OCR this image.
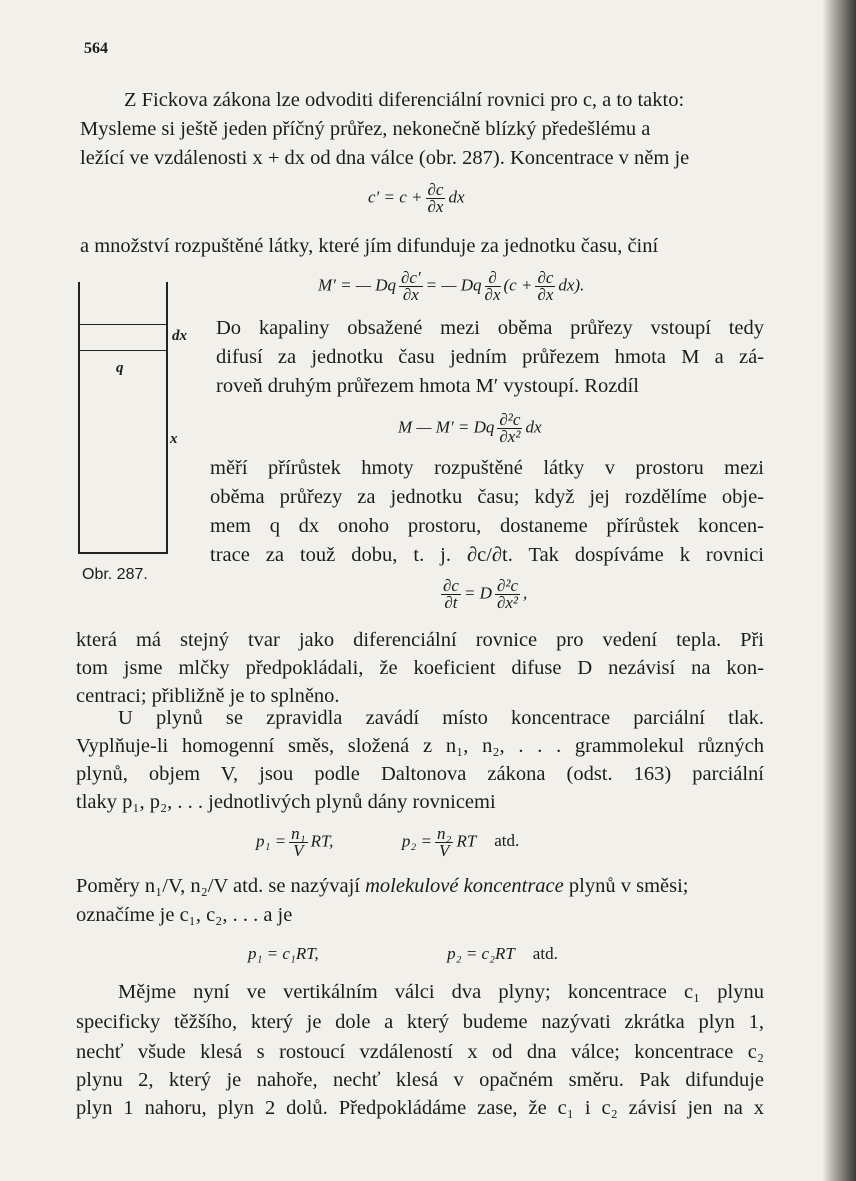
564
Z Fickova zákona lze odvoditi diferenciální rovnici pro c, a to takto:
Mysleme si ještě jeden příčný průřez, nekonečně blízký předešlému a
ležící ve vzdálenosti x + dx od dna válce (obr. 287). Koncentrace v něm je
$c' = c + \frac{\partial c}{\partial x}$ dx
a množství rozpuštěné látky, které jím difunduje za jednotku času, činí
M′ = — Dq $\frac{\partial c'}{\partial x}$ = — Dq $\frac{\partial}{\partial x} (c + \frac{\partial c}{\partial x} dx)$.
q
dx
x
Obr. 287.
Do kapaliny obsažené mezi oběma průřezy vstoupí tedy
difusí za jednotku času jedním průřezem hmota M a zá-
roveň druhým průřezem hmota M′ vystoupí. Rozdíl
M — M′ = Dq $\frac{\text{∂²c}}{\text{∂x²}}$ dx
měří přírůstek hmoty rozpuštěné látky v prostoru mezi
oběma průřezy za jednotku času; když jej rozdělíme obje-
mem q dx onoho prostoru, dostaneme přírůstek koncen-
trace za touž dobu, t. j. ∂c/∂t. Tak dospíváme k rovnici
$\frac{\partial c}{\partial t} = D \frac{\text{∂²c}}{\text{∂x²}}$ ,
která má stejný tvar jako diferenciální rovnice pro vedení tepla. Při
tom jsme mlčky předpokládali, že koeficient difuse D nezávisí na kon-
centraci; přibližně je to splněno.
U plynů se zpravidla zavádí místo koncentrace parciální tlak.
Vyplňuje-li homogenní směs, složená z n₁, n₂, . . . grammolekul různých
plynů, objem V, jsou podle Daltonova zákona (odst. 163) parciální
tlaky p₁, p₂, . . . jednotlivých plynů dány rovnicemi
$p_1 = \frac{\text{n₁}}{V}$ RT,	$p_2 = \frac{\text{n₂}}{V}$ RT atd.
Poměry n₁/V, n₂/V atd. se nazývají molekulové koncentrace plynů v směsi;
označíme je c₁, c₂, . . . a je
p₁ = c₁RT,	p₂ = c₂RT atd.
Mějme nyní ve vertikálním válci dva plyny; koncentrace c₁ plynu
specificky těžšího, který je dole a který budeme nazývati zkrátka plyn 1,
nechť všude klesá s rostoucí vzdáleností x od dna válce; koncentrace c₂
plynu 2, který je nahoře, nechť klesá v opačném směru. Pak difunduje
plyn 1 nahoru, plyn 2 dolů. Předpokládáme zase, že c₁ i c₂ závisí jen na x
